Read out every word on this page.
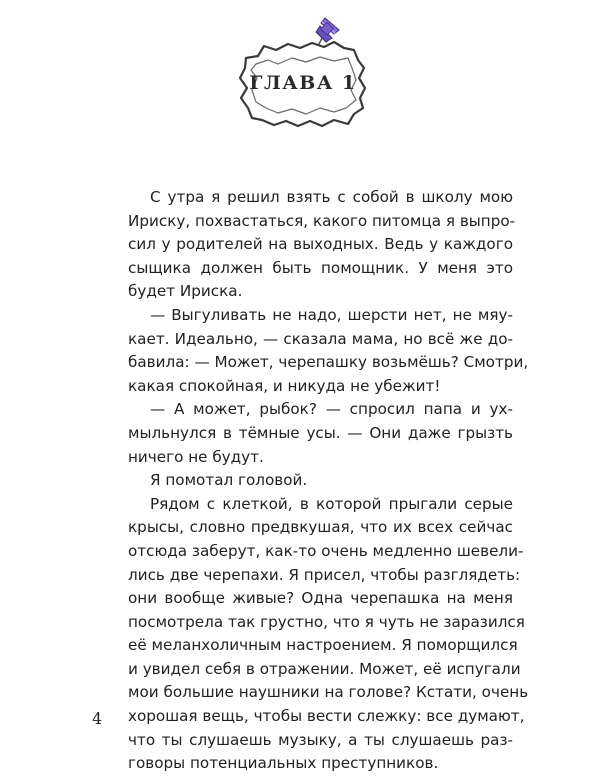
ГЛАВА 1

С утра я решил взять с собой в школу мою
Ириску, похвастаться, какого питомца я выпро-
сил у родителей на выходных. Ведь у каждого
сыщика должен быть помощник. У меня это
будет Ириска.

— Выгуливать не надо, шерсти нет, не мяу-
кает. Идеально, — сказала мама, но всё же до-
бавила: — Может, черепашку возьмёшь? Смотри,
какая спокойная, и никуда не убежит!

— А может, рыбок? — спросил папа и ух-
мыльнулся в тёмные усы. — Они даже грызть
ничего не будут.

Я помотал головой.

Рядом с клеткой, в которой прыгали серые
крысы, словно предвкушая, что их всех сейчас
отсюда заберут, как-то очень медленно шевели-
лись две черепахи. Я присел, чтобы разглядеть:
они вообще живые? Одна черепашка на меня
посмотрела так грустно, что я чуть не заразился
её меланхоличным настроением. Я поморщился
и увидел себя в отражении. Может, её испугали
мои большие наушники на голове? Кстати, очень
хорошая вещь, чтобы вести слежку: все думают,
что ты слушаешь музыку, а ты слушаешь раз-
говоры потенциальных преступников.

4
